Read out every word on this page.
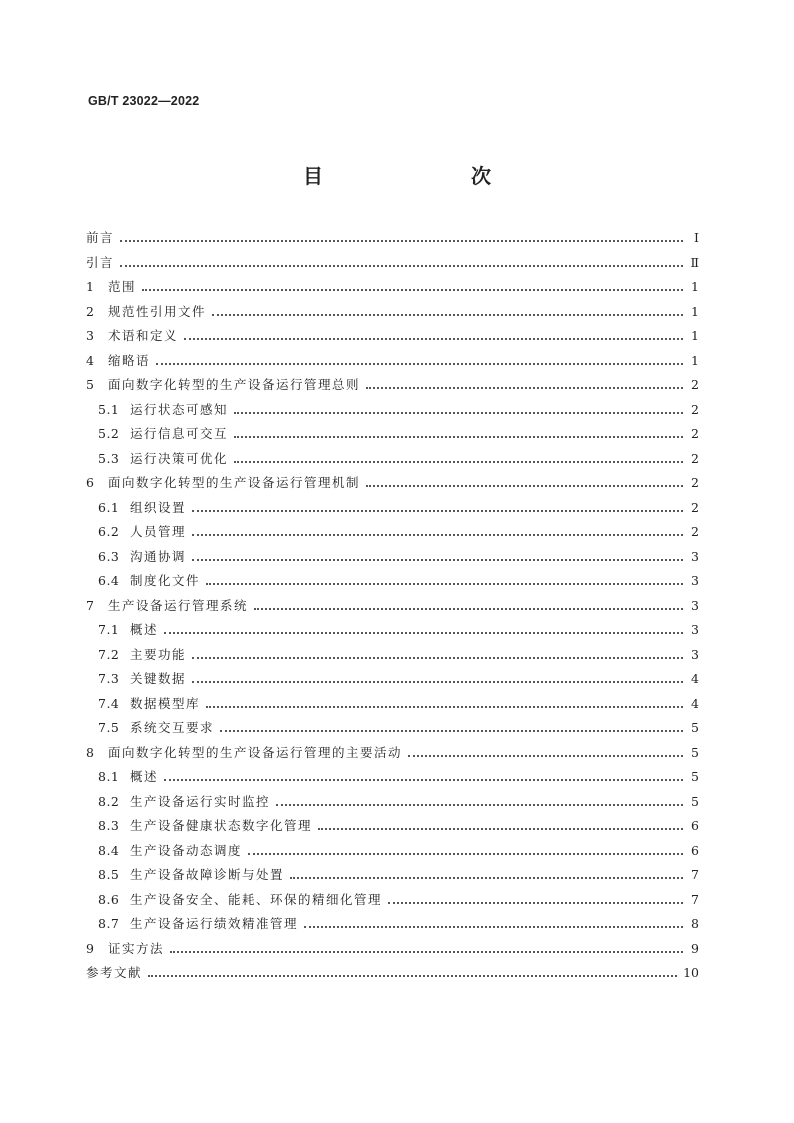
GB/T 23022—2022
目　　次
前言	Ⅰ
引言	Ⅱ
1	范围	1
2	规范性引用文件	1
3	术语和定义	1
4	缩略语	1
5	面向数字化转型的生产设备运行管理总则	2
5.1 运行状态可感知	2
5.2 运行信息可交互	2
5.3 运行决策可优化	2
6	面向数字化转型的生产设备运行管理机制	2
6.1 组织设置	2
6.2 人员管理	2
6.3 沟通协调	3
6.4 制度化文件	3
7	生产设备运行管理系统	3
7.1 概述	3
7.2 主要功能	3
7.3 关键数据	4
7.4 数据模型库	4
7.5 系统交互要求	5
8	面向数字化转型的生产设备运行管理的主要活动	5
8.1 概述	5
8.2 生产设备运行实时监控	5
8.3 生产设备健康状态数字化管理	6
8.4 生产设备动态调度	6
8.5 生产设备故障诊断与处置	7
8.6 生产设备安全、能耗、环保的精细化管理	7
8.7 生产设备运行绩效精准管理	8
9	证实方法	9
参考文献	10
